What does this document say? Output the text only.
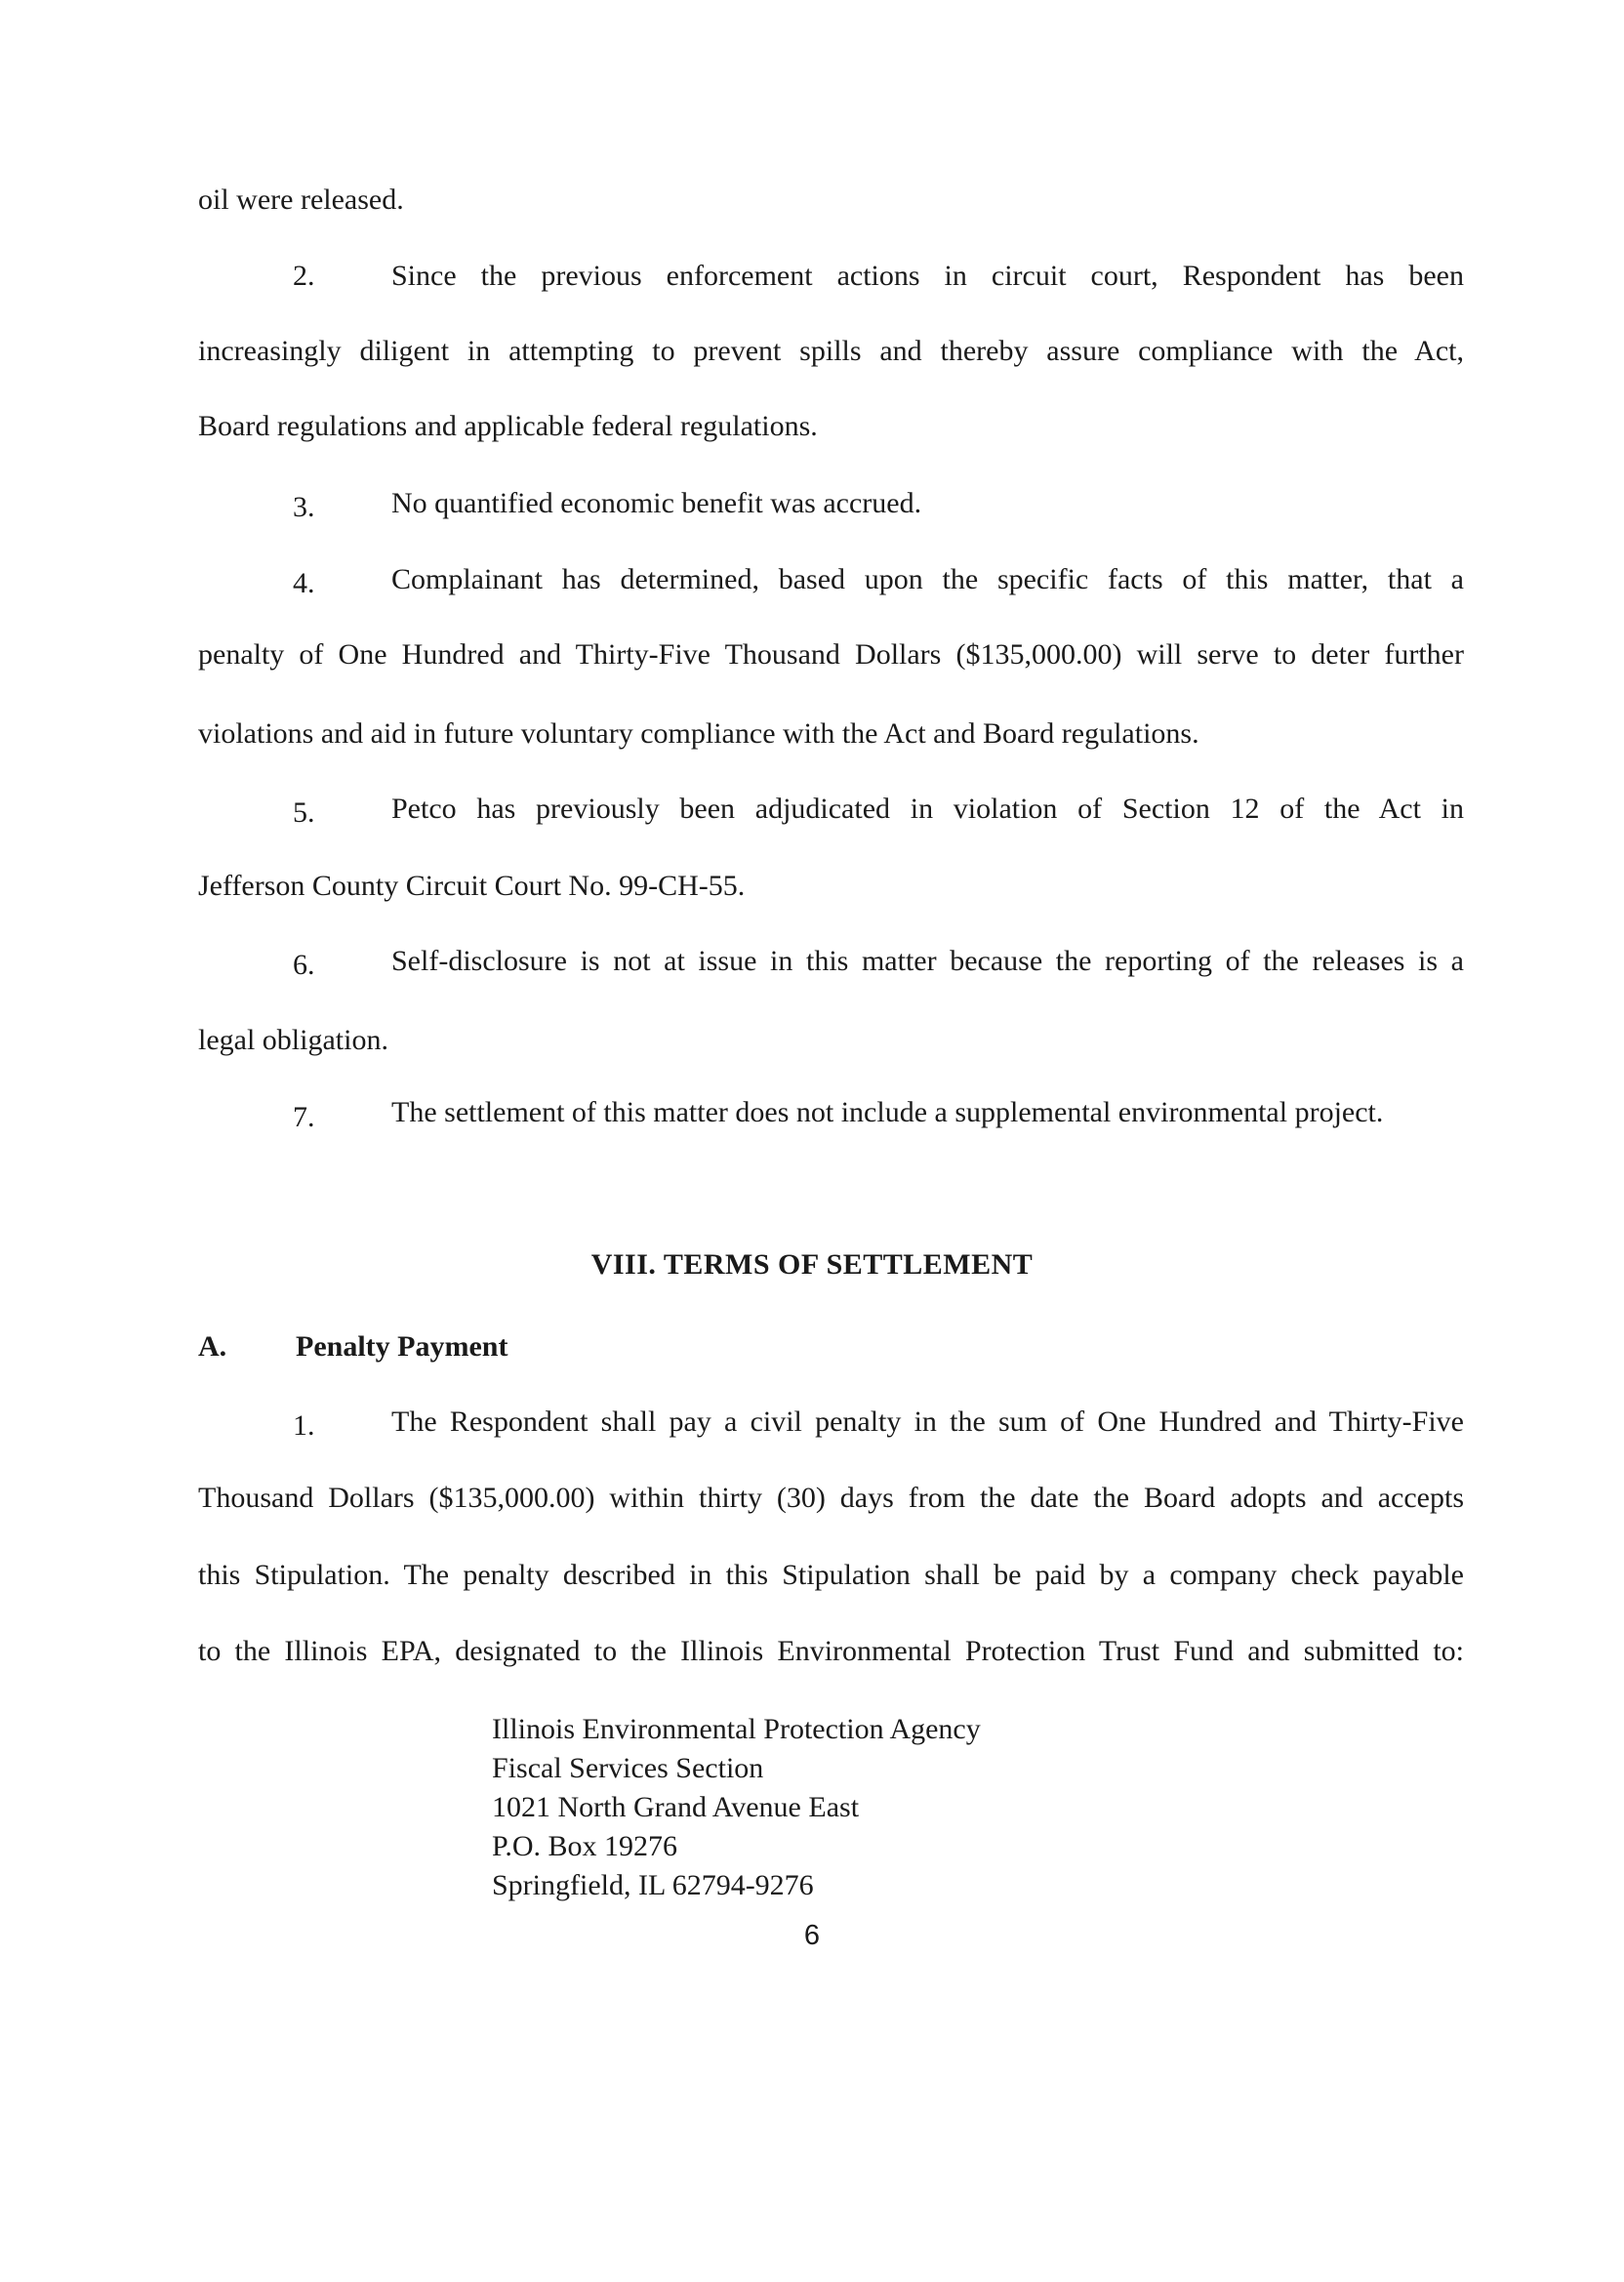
oil were released.
2.	Since the previous enforcement actions in circuit court, Respondent has been
increasingly diligent in attempting to prevent spills and thereby assure compliance with the Act,
Board regulations and applicable federal regulations.
3.	No quantified economic benefit was accrued.
4.	Complainant has determined, based upon the specific facts of this matter, that a
penalty of One Hundred and Thirty-Five Thousand Dollars ($135,000.00) will serve to deter further
violations and aid in future voluntary compliance with the Act and Board regulations.
5.	Petco has previously been adjudicated in violation of Section 12 of the Act in
Jefferson County Circuit Court No. 99-CH-55.
6.	Self-disclosure is not at issue in this matter because the reporting of the releases is a
legal obligation.
7.	The settlement of this matter does not include a supplemental environmental project.
VIII. TERMS OF SETTLEMENT
A. Penalty Payment
1.	The Respondent shall pay a civil penalty in the sum of One Hundred and Thirty-Five
Thousand Dollars ($135,000.00) within thirty (30) days from the date the Board adopts and accepts
this Stipulation. The penalty described in this Stipulation shall be paid by a company check payable
to the Illinois EPA, designated to the Illinois Environmental Protection Trust Fund and submitted to:
Illinois Environmental Protection Agency
Fiscal Services Section
1021 North Grand Avenue East
P.O. Box 19276
Springfield, IL 62794-9276
6
